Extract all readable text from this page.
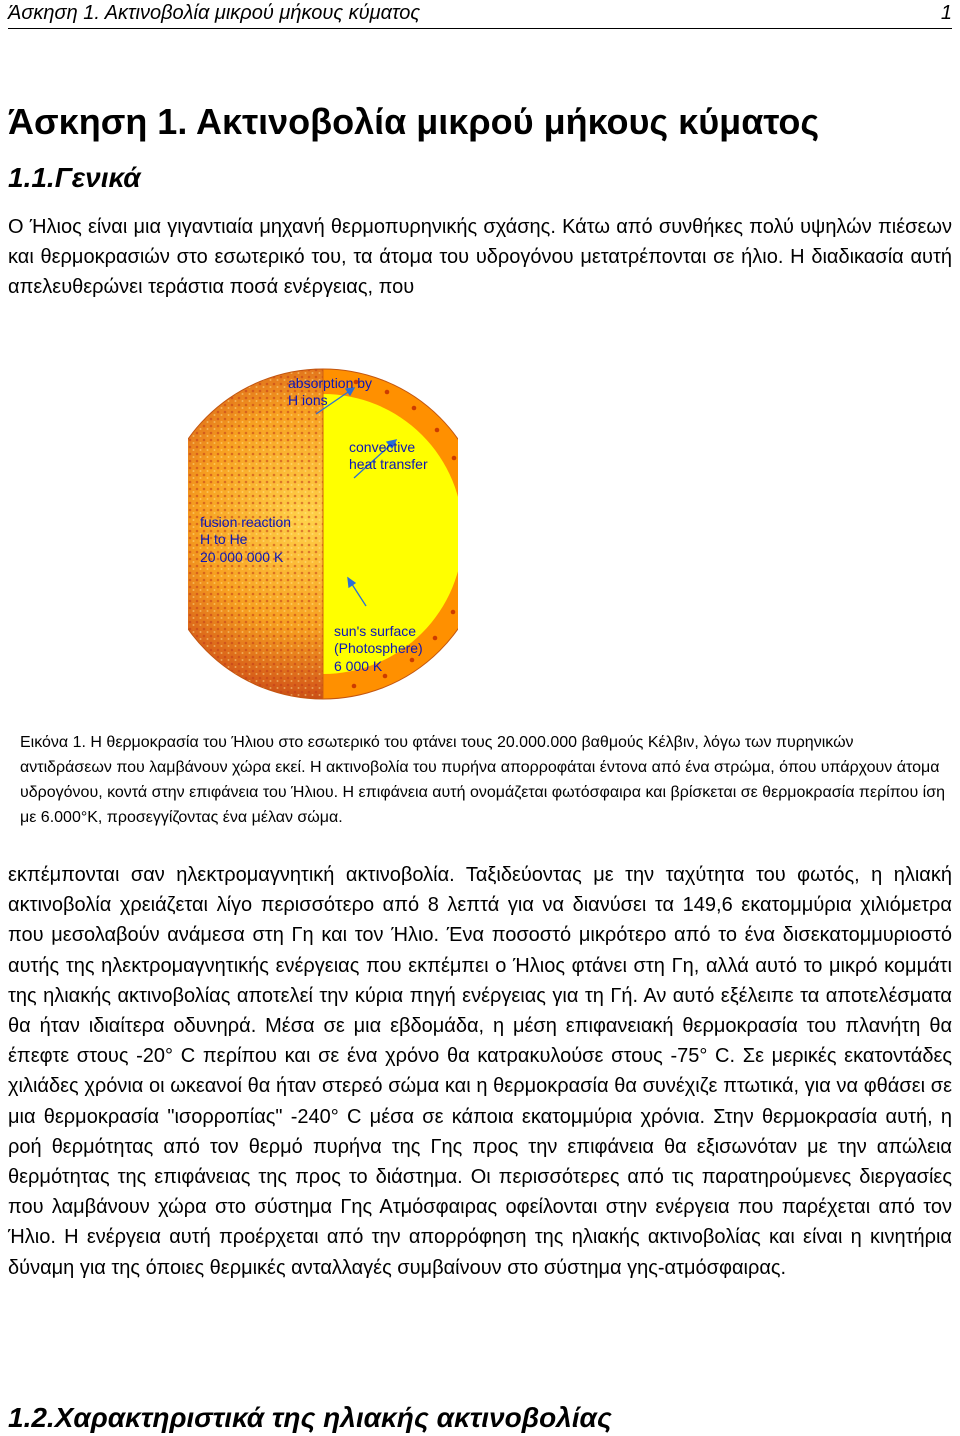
Άσκηση 1. Ακτινοβολία μικρού μήκους κύματος	1
Άσκηση 1. Ακτινοβολία μικρού μήκους κύματος
1.1.Γενικά

Ο Ήλιος είναι μια γιγαντιαία μηχανή θερμοπυρηνικής σχάσης. Κάτω από συνθήκες πολύ υψηλών πιέσεων και θερμοκρασιών στο εσωτερικό του, τα άτομα του υδρογόνου μετατρέπονται σε ήλιο. Η διαδικασία αυτή απελευθερώνει τεράστια ποσά ενέργειας, που

absorption by
H ions
convective
heat transfer
fusion reaction
H to He
20 000 000 K
sun's surface
(Photosphere)
6 000 K

Εικόνα 1. Η θερμοκρασία του Ήλιου στο εσωτερικό του φτάνει τους 20.000.000 βαθμούς Κέλβιν, λόγω των πυρηνικών αντιδράσεων που λαμβάνουν χώρα εκεί. Η ακτινοβολία του πυρήνα απορροφάται έντονα από ένα στρώμα, όπου υπάρχουν άτομα υδρογόνου, κοντά στην επιφάνεια του Ήλιου. Η επιφάνεια αυτή ονομάζεται φωτόσφαιρα και βρίσκεται σε θερμοκρασία περίπου ίση με 6.000°K, προσεγγίζοντας ένα μέλαν σώμα.

εκπέμπονται σαν ηλεκτρομαγνητική ακτινοβολία. Ταξιδεύοντας με την ταχύτητα του φωτός, η ηλιακή ακτινοβολία χρειάζεται λίγο περισσότερο από 8 λεπτά για να διανύσει τα 149,6 εκατομμύρια χιλιόμετρα που μεσολαβούν ανάμεσα στη Γη και τον Ήλιο. Ένα ποσοστό μικρότερο από το ένα δισεκατομμυριοστό αυτής της ηλεκτρομαγνητικής ενέργειας που εκπέμπει ο Ήλιος φτάνει στη Γη, αλλά αυτό το μικρό κομμάτι της ηλιακής ακτινοβολίας αποτελεί την κύρια πηγή ενέργειας για τη Γή. Αν αυτό εξέλειπε τα αποτελέσματα θα ήταν ιδιαίτερα οδυνηρά. Μέσα σε μια εβδομάδα, η μέση επιφανειακή θερμοκρασία του πλανήτη θα έπεφτε στους -20° C περίπου και σε ένα χρόνο θα κατρακυλούσε στους -75° C. Σε μερικές εκατοντάδες χιλιάδες χρόνια οι ωκεανοί θα ήταν στερεό σώμα και η θερμοκρασία θα συνέχιζε πτωτικά, για να φθάσει σε μια θερμοκρασία "ισορροπίας" -240° C μέσα σε κάποια εκατομμύρια χρόνια. Στην θερμοκρασία αυτή, η ροή θερμότητας από τον θερμό πυρήνα της Γης προς την επιφάνεια θα εξισωνόταν με την απώλεια θερμότητας της επιφάνειας της προς το διάστημα. Οι περισσότερες από τις παρατηρούμενες διεργασίες που λαμβάνουν χώρα στο σύστημα Γης Ατμόσφαιρας οφείλονται στην ενέργεια που παρέχεται από τον Ήλιο. Η ενέργεια αυτή προέρχεται από την απορρόφηση της ηλιακής ακτινοβολίας και είναι η κινητήρια δύναμη για της όποιες θερμικές ανταλλαγές συμβαίνουν στο σύστημα γης-ατμόσφαιρας.

1.2.Χαρακτηριστικά της ηλιακής ακτινοβολίας
